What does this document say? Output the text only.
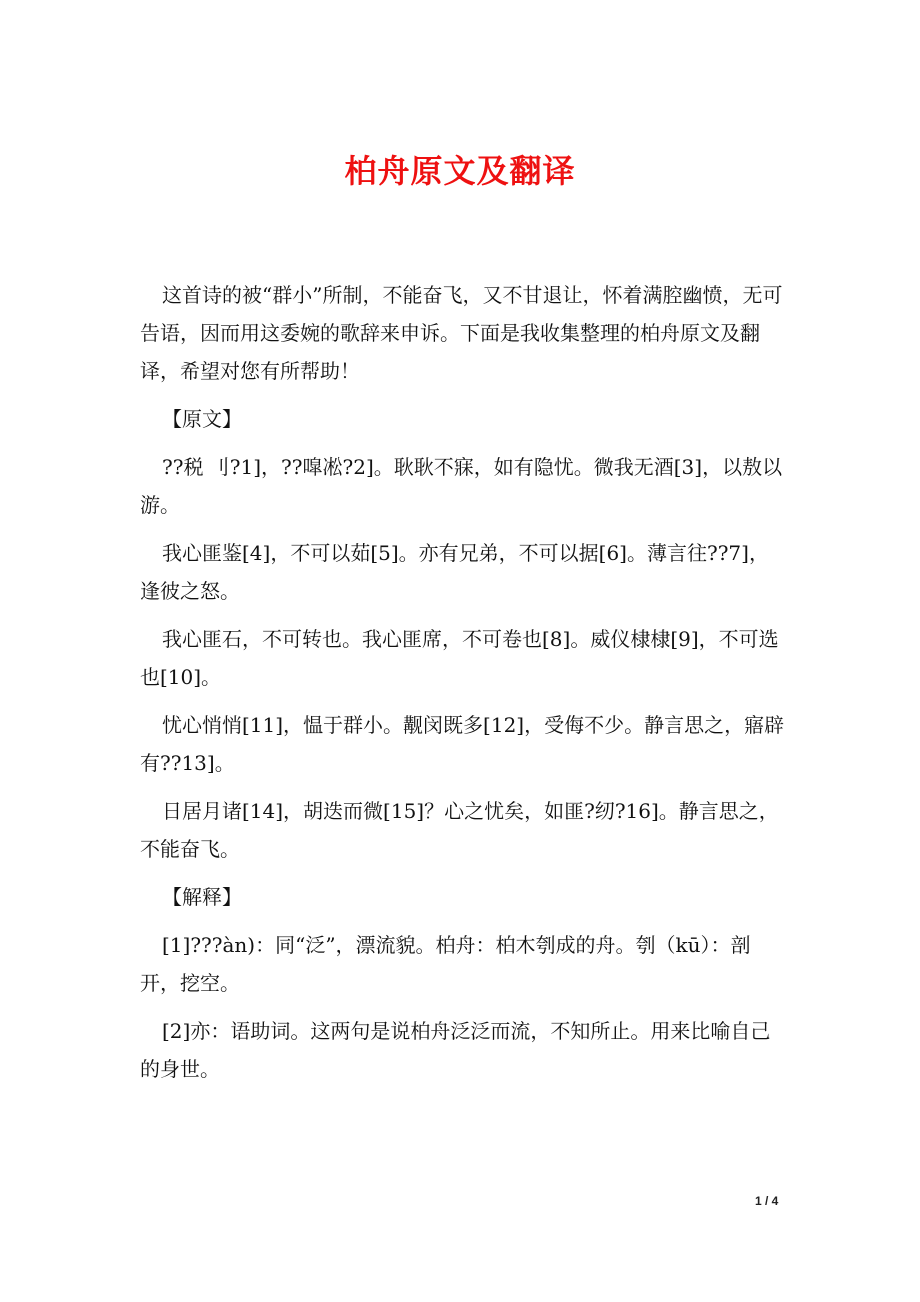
柏舟原文及翻译

这首诗的被“群小”所制，不能奋飞，又不甘退让，怀着满腔幽愤，无可告语，因而用这委婉的歌辞来申诉。下面是我收集整理的柏舟原文及翻译，希望对您有所帮助！

【原文】

??税 刂?1]，??噑凇?2]。耿耿不寐，如有隐忧。微我无酒[3]，以敖以游。

我心匪鉴[4]，不可以茹[5]。亦有兄弟，不可以据[6]。薄言往??7]，逢彼之怒。

我心匪石，不可转也。我心匪席，不可卷也[8]。威仪棣棣[9]，不可选也[10]。

忧心悄悄[11]，愠于群小。觏闵既多[12]，受侮不少。静言思之，寤辟有??13]。

日居月诸[14]，胡迭而微[15]？心之忧矣，如匪?纫?16]。静言思之，不能奋飞。

【解释】

[1]???àn)：同“泛”，漂流貌。柏舟：柏木刳成的舟。刳（kū）：剖开，挖空。

[2]亦：语助词。这两句是说柏舟泛泛而流，不知所止。用来比喻自己的身世。

1 / 4
